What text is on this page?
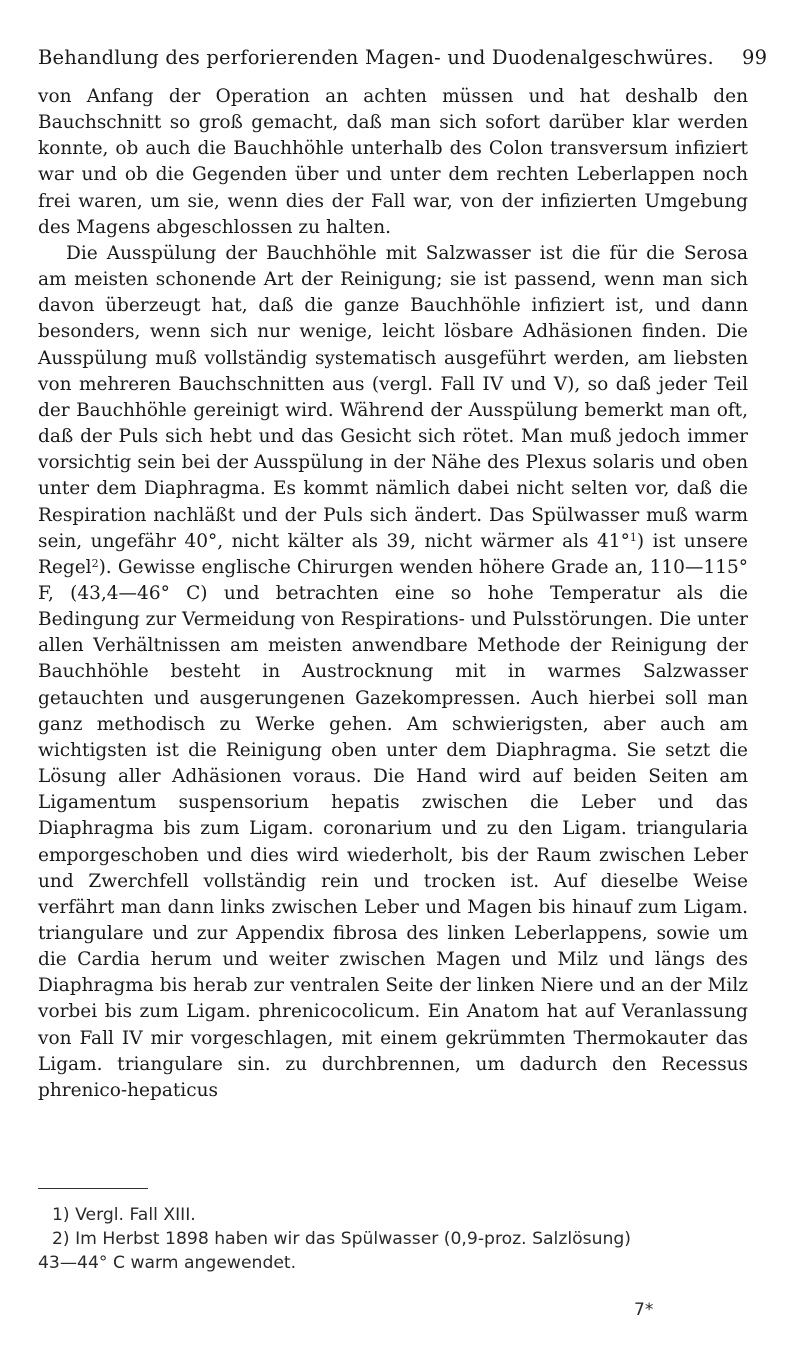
Behandlung des perforierenden Magen- und Duodenalgeschwüres. 99

von Anfang der Operation an achten müssen und hat deshalb den Bauchschnitt so groß gemacht, daß man sich sofort darüber klar werden konnte, ob auch die Bauchhöhle unterhalb des Colon transversum infiziert war und ob die Gegenden über und unter dem rechten Leberlappen noch frei waren, um sie, wenn dies der Fall war, von der infizierten Umgebung des Magens abgeschlossen zu halten.

Die Ausspülung der Bauchhöhle mit Salzwasser ist die für die Serosa am meisten schonende Art der Reinigung; sie ist passend, wenn man sich davon überzeugt hat, daß die ganze Bauchhöhle infiziert ist, und dann besonders, wenn sich nur wenige, leicht lösbare Adhäsionen finden. Die Ausspülung muß vollständig systematisch ausgeführt werden, am liebsten von mehreren Bauchschnitten aus (vergl. Fall IV und V), so daß jeder Teil der Bauchhöhle gereinigt wird. Während der Ausspülung bemerkt man oft, daß der Puls sich hebt und das Gesicht sich rötet. Man muß jedoch immer vorsichtig sein bei der Ausspülung in der Nähe des Plexus solaris und oben unter dem Diaphragma. Es kommt nämlich dabei nicht selten vor, daß die Respiration nachläßt und der Puls sich ändert. Das Spülwasser muß warm sein, ungefähr 40°, nicht kälter als 39, nicht wärmer als 41°$^1$) ist unsere Regel$^2$). Gewisse englische Chirurgen wenden höhere Grade an, 110—115° F, (43,4—46° C) und betrachten eine so hohe Temperatur als die Bedingung zur Vermeidung von Respirations- und Pulsstörungen. Die unter allen Verhältnissen am meisten anwendbare Methode der Reinigung der Bauchhöhle besteht in Austrocknung mit in warmes Salzwasser getauchten und ausgerungenen Gazekompressen. Auch hierbei soll man ganz methodisch zu Werke gehen. Am schwierigsten, aber auch am wichtigsten ist die Reinigung oben unter dem Diaphragma. Sie setzt die Lösung aller Adhäsionen voraus. Die Hand wird auf beiden Seiten am Ligamentum suspensorium hepatis zwischen die Leber und das Diaphragma bis zum Ligam. coronarium und zu den Ligam. triangularia emporgeschoben und dies wird wiederholt, bis der Raum zwischen Leber und Zwerchfell vollständig rein und trocken ist. Auf dieselbe Weise verfährt man dann links zwischen Leber und Magen bis hinauf zum Ligam. triangulare und zur Appendix fibrosa des linken Leberlappens, sowie um die Cardia herum und weiter zwischen Magen und Milz und längs des Diaphragma bis herab zur ventralen Seite der linken Niere und an der Milz vorbei bis zum Ligam. phrenicocolicum. Ein Anatom hat auf Veranlassung von Fall IV mir vorgeschlagen, mit einem gekrümmten Thermokauter das Ligam. triangulare sin. zu durchbrennen, um dadurch den Recessus phrenico-hepaticus

1) Vergl. Fall XIII.

2) Im Herbst 1898 haben wir das Spülwasser (0,9-proz. Salzlösung)

43—44° C warm angewendet.

7*
